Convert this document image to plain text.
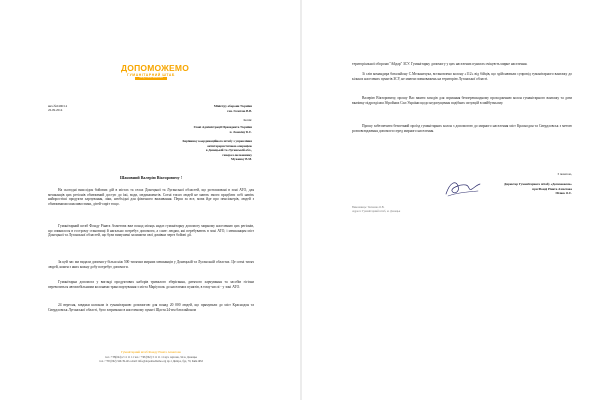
ДОПОМОЖЕМО
ГУМАНІТАРНИЙ ШТАБ
Фонд Рината Ахметова
вих.№0496/14
26.09.2014
Міністру оборони України
ген. Гелетею В.В.
Копія:
Главі Адміністрації Президента України
п. Ложкіну Б.Є.
Керівнику координаційного штабу з управління
антитерористичною операцією
в Донецькій та Луганській обл.,
генерал-полковнику
Муженку В.М.
Шановний Валерію Вікторовичу !
На сьогодні внаслідок бойових дій в містах та селах Донецької та Луганської областей, що розташовані в зоні АТО, для мешканців цих регіонів обмежений доступ до їжі, води, медикаментів. Сотні тисяч людей не мають змоги придбати собі навіть найпростіші продукти харчування, ліки, необхідні для фізичного виживання. Перш за все, мова йде про пенсіонерів, людей з обмеженими можливостями, дітей-сиріт тощо.
Гуманітарний штаб Фонду Ріната Ахметова вже понад місяць надає гуманітарну допомогу мирному населенню цих регіонів, що опинилося в гострому становищі й нагально потребує допомоги, а саме: людям, які перебувають в зоні АТО, і мешканцям міст Донецької та Луганської областей, що були вимушені залишити свої домівки через бойові дії.
За цей час ми видали допомогу більш ніж 500 тисячам мирних мешканців у Донецькій та Луганській областях. Це сотні тисяч людей, кожен з яких кожну добу потребує допомоги.
Гуманітарна допомога у вигляді продуктових наборів тривалого зберігання, дитячого харчування та засобів гігієни перевозиться автомобільними колонами транспортування з міста Маріуполь до населених пунктів, в тому числі - у зоні АТО.
24 вересня, завдяки колонам із гуманітарною допомогою для понад 20 000 людей, що прямували до міст Краснодон та Свердловськ Луганської області, було затримано в населеному пункті Щастя 24-им батальйоном
Гуманітарний штаб Фонду Ріната Ахметова
тел.: +38(044) 2 11 11 11 тел.: +38 (062) 3 11 11 11 вул. Артема, 34 м. Донецьк
тел.: +38 (062) 349-39-40 e-mail: info@dopomozhemo.org пр-т Дніпра, буд. 70, Київ ФМ
територіальної оборони "Айдар" ЗСУ. Гуманітарну допомогу у цих населених пунктах очікують мирне населення.
Зі слів командира батальйону С.Мельничука, встановлено колону «112» від бійців, що здійснювали супровід гуманітарного вантажу до кількох населених пунктів ЗСУ, не маючи повноважень на територію Луганської області.
Валерію Вікторовичу, прошу Вас вжити заходів для сприяння безперешкодному проходженню колон гуманітарного вантажу та дати вказівку підрозділам Збройних Сил України щодо недопущення подібних ситуацій в майбутньому.
Прошу забезпечити безпечний проїзд гуманітарних колон з допомогою до мирного населення міст Краснодон та Свердловськ з метою розповсюдження допомоги серед мирного населення.
З повагою,
Директор Гуманітарного штабу «Допоможемо»
при Фонді Ріната Ахметова
Пілюк О.Є.
Виконавець: Ткаченко О.В.
Адреса: Гуманітарний штаб, м. Донецьк
